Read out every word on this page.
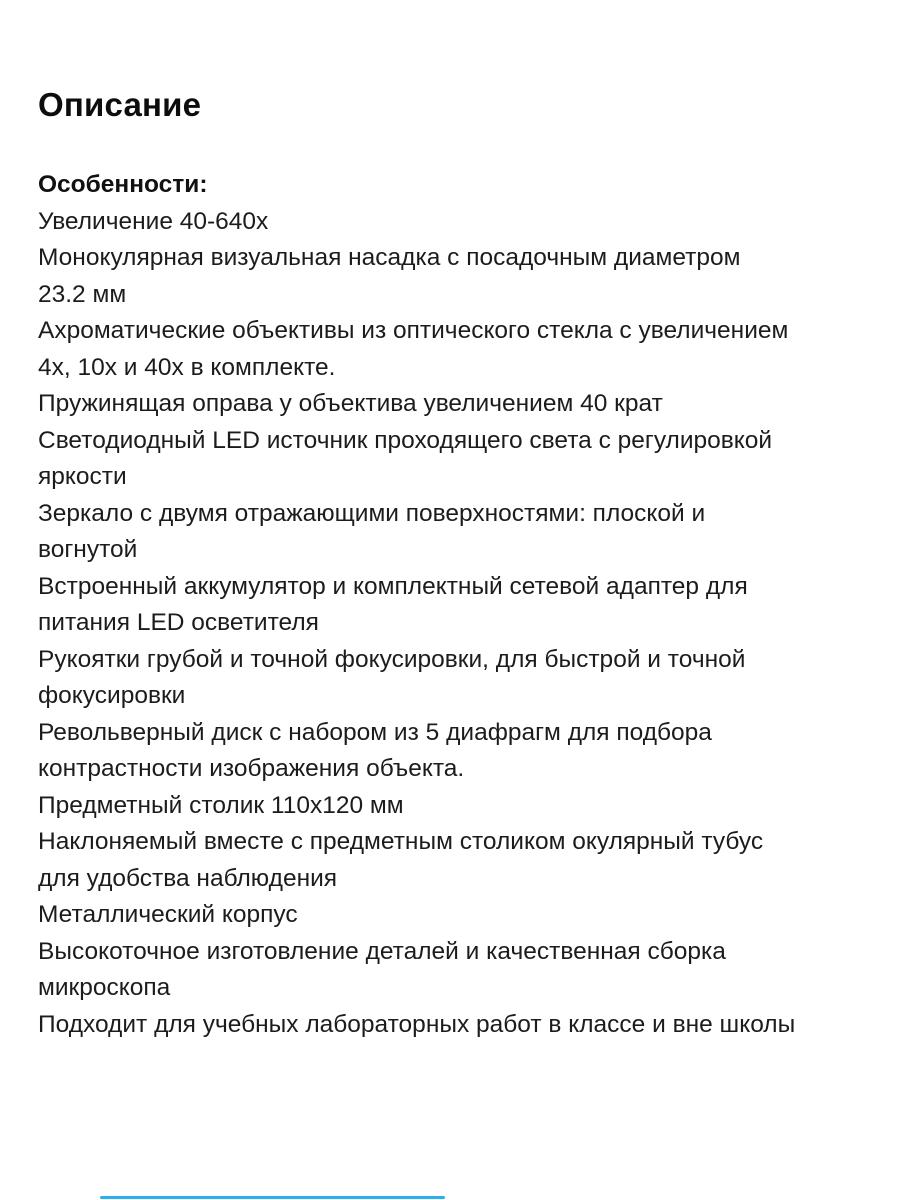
Описание
Особенности:
Увеличение 40-640x
Монокулярная визуальная насадка с посадочным диаметром
23.2 мм
Ахроматические объективы из оптического стекла с увеличением
4х, 10х и 40х в комплекте.
Пружинящая оправа у объектива увеличением 40 крат
Светодиодный LED источник проходящего света с регулировкой
яркости
Зеркало с двумя отражающими поверхностями: плоской и
вогнутой
Встроенный аккумулятор и комплектный сетевой адаптер для
питания LED осветителя
Рукоятки грубой и точной фокусировки, для быстрой и точной
фокусировки
Револьверный диск с набором из 5 диафрагм для подбора
контрастности изображения объекта.
Предметный столик 110х120 мм
Наклоняемый вместе с предметным столиком окулярный тубус
для удобства наблюдения
Металлический корпус
Высокоточное изготовление деталей и качественная сборка
микроскопа
Подходит для учебных лабораторных работ в классе и вне школы
